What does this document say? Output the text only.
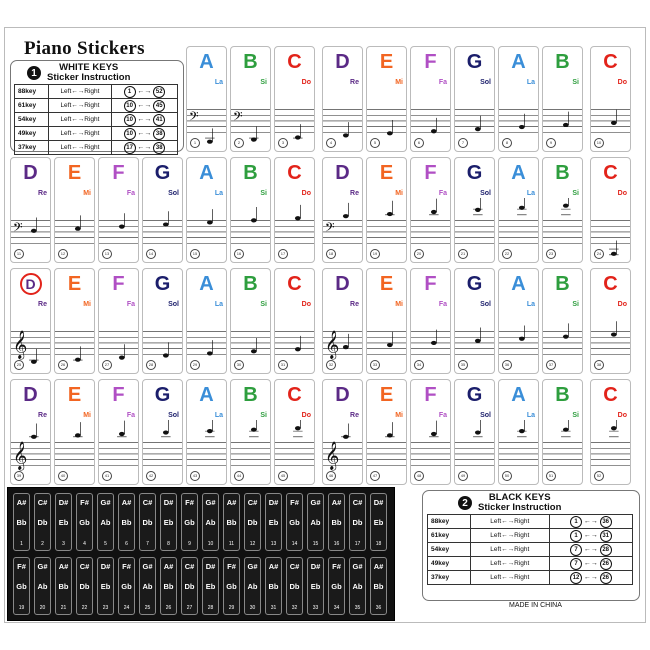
Piano Stickers
1	WHITE KEYS
Sticker Instruction
88key	Left←→Right	1 ←→ 52
61key	Left←→Right	10 ←→ 45
54key	Left←→Right	10 ←→ 41
49key	Left←→Right	10 ←→ 38
37key	Left←→Right	17 ←→ 38
2	BLACK KEYS
Sticker Instruction
88key	Left←→Right	1 ←→ 36
61key	Left←→Right	1 ←→ 31
54key	Left←→Right	7 ←→ 28
49key	Left←→Right	7 ←→ 26
37key	Left←→Right	12 ←→ 26
A
La
𝄢
1
B
Si
𝄢
2
C
Do
3
D
Re
4
E
Mi
5
F
Fa
6
G
Sol
7
A
La
8
B
Si
9
C
Do
10
D
Re
𝄢
11
E
Mi
12
F
Fa
13
G
Sol
14
A
La
15
B
Si
16
C
Do
17
D
Re
𝄢
18
E
Mi
19
F
Fa
20
G
Sol
21
A
La
22
B
Si
23
C
Do
24
D
Re
𝄞
25
E
Mi
26
F
Fa
27
G
Sol
28
A
La
29
B
Si
30
C
Do
31
D
Re
𝄞
32
E
Mi
33
F
Fa
34
G
Sol
35
A
La
36
B
Si
37
C
Do
38
D
Re
𝄞
39
E
Mi
40
F
Fa
41
G
Sol
42
A
La
43
B
Si
44
C
Do
45
D
Re
𝄞
46
E
Mi
47
F
Fa
48
G
Sol
49
A
La
50
B
Si
51
C
Do
52
A#
Bb
1
C#
Db
2
D#
Eb
3
F#
Gb
4
G#
Ab
5
A#
Bb
6
C#
Db
7
D#
Eb
8
F#
Gb
9
G#
Ab
10
A#
Bb
11
C#
Db
12
D#
Eb
13
F#
Gb
14
G#
Ab
15
A#
Bb
16
C#
Db
17
D#
Eb
18
F#
Gb
19
G#
Ab
20
A#
Bb
21
C#
Db
22
D#
Eb
23
F#
Gb
24
G#
Ab
25
A#
Bb
26
C#
Db
27
D#
Eb
28
F#
Gb
29
G#
Ab
30
A#
Bb
31
C#
Db
32
D#
Eb
33
F#
Gb
34
G#
Ab
35
A#
Bb
36	MADE IN CHINA
